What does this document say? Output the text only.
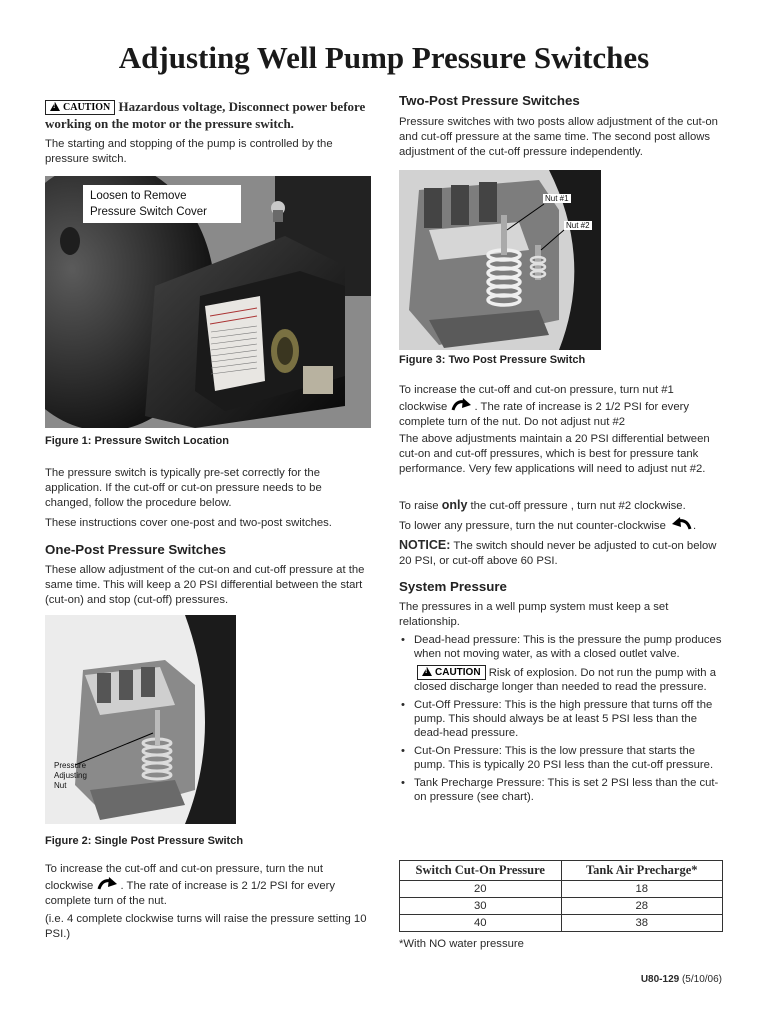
Adjusting Well Pump Pressure Switches
!CAUTION Hazardous voltage, Disconnect power before working on the motor or the pressure switch.

The starting and stopping of the pump is controlled by the pressure switch.

Loosen to Remove
Pressure Switch Cover
Figure 1: Pressure Switch Location

The pressure switch is typically pre-set correctly for the application. If the cut-off or cut-on pressure needs to be changed, follow the procedure below.

These instructions cover one-post and two-post switches.

One-Post Pressure Switches

These allow adjustment of the cut-on and cut-off pressure at the same time. This will keep a 20 PSI differential between the start (cut-on) and stop (cut-off) pressures.

Pressure
Adjusting
Nut
Figure 2: Single Post Pressure Switch

To increase the cut-off and cut-on pressure, turn the nut clockwise . The rate of increase is 2 1/2 PSI for every complete turn of the nut.

(i.e. 4 complete clockwise turns will raise the pressure setting 10 PSI.)

Two-Post Pressure Switches

Pressure switches with two posts allow adjustment of the cut-on and cut-off pressure at the same time. The second post allows adjustment of the cut-off pressure independently.

Nut #1
Nut #2
Figure 3: Two Post Pressure Switch

To increase the cut-off and cut-on pressure, turn nut #1 clockwise . The rate of increase is 2 1/2 PSI for every complete turn of the nut. Do not adjust nut #2

The above adjustments maintain a 20 PSI differential between cut-on and cut-off pressures, which is best for pressure tank performance. Very few applications will need to adjust nut #2.

To raise only the cut-off pressure , turn nut #2 clockwise.

To lower any pressure, turn the nut counter-clockwise .

NOTICE: The switch should never be adjusted to cut-on below 20 PSI, or cut-off above 60 PSI.

System Pressure

The pressures in a well pump system must keep a set relationship.

• Dead-head pressure: This is the pressure the pump produces when not moving water, as with a closed outlet valve.
!CAUTION Risk of explosion. Do not run the pump with a closed discharge longer than needed to read the pressure.
• Cut-Off Pressure: This is the high pressure that turns off the pump. This should always be at least 5 PSI less than the dead-head pressure.
• Cut-On Pressure: This is the low pressure that starts the pump. This is typically 20 PSI less than the cut-off pressure.
• Tank Precharge Pressure: This is set 2 PSI less than the cut-on pressure (see chart).
Switch Cut-On Pressure	Tank Air Precharge*
20	18
30	28
40	38

*With NO water pressure

U80-129 (5/10/06)
